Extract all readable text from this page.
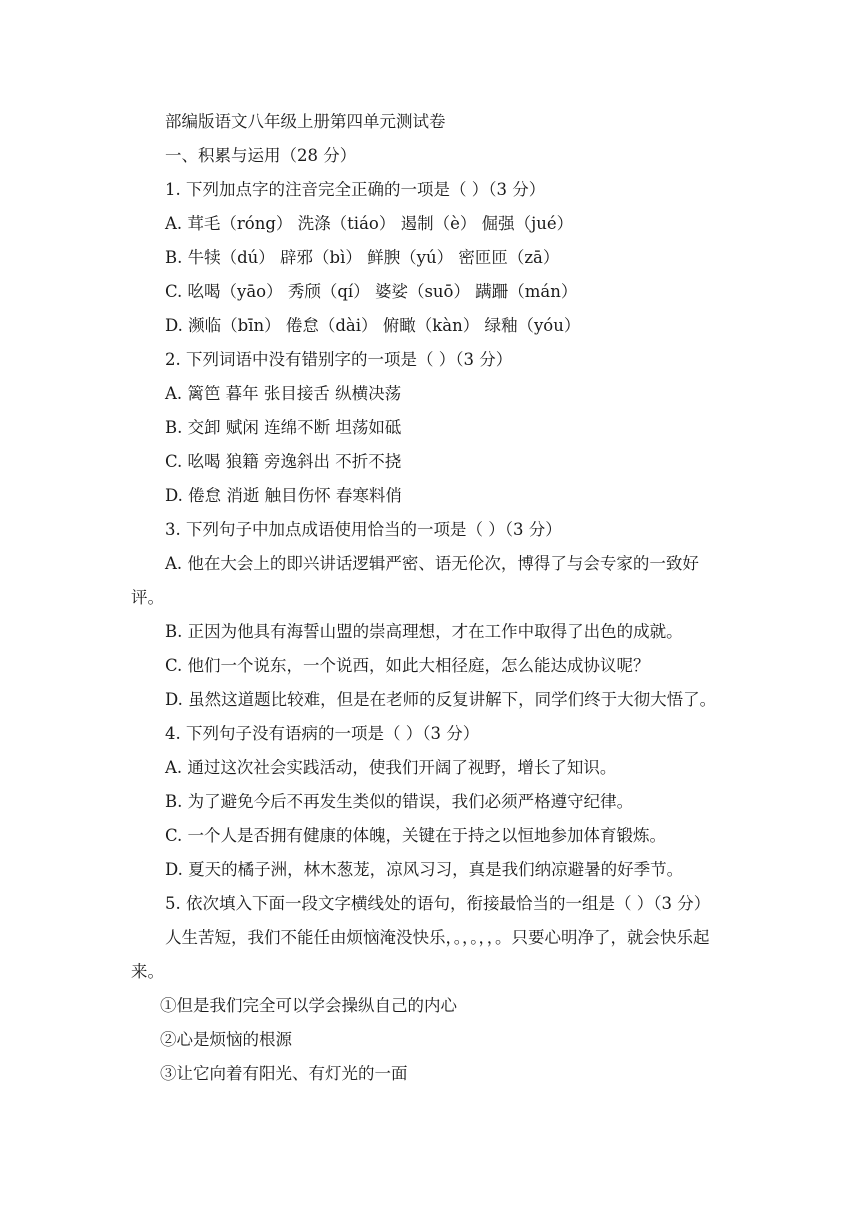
部编版语文八年级上册第四单元测试卷
一、积累与运用（28 分）
1. 下列加点字的注音完全正确的一项是（ ）（3 分）
A. 茸毛（róng） 洗涤（tiáo） 遏制（è） 倔强（jué）
B. 牛犊（dú） 辟邪（bì） 鲜腴（yú） 密匝匝（zā）
C. 吆喝（yāo） 秀颀（qí） 婆娑（suō） 蹒跚（mán）
D. 濒临（bīn） 倦怠（dài） 俯瞰（kàn） 绿釉（yóu）
2. 下列词语中没有错别字的一项是（ ）（3 分）
A. 篱笆 暮年 张目接舌 纵横决荡
B. 交卸 赋闲 连绵不断 坦荡如砥
C. 吆喝 狼籍 旁逸斜出 不折不挠
D. 倦怠 消逝 触目伤怀 春寒料俏
3. 下列句子中加点成语使用恰当的一项是（ ）（3 分）
A. 他在大会上的即兴讲话逻辑严密、语无伦次，博得了与会专家的一致好
评。
B. 正因为他具有海誓山盟的崇高理想，才在工作中取得了出色的成就。
C. 他们一个说东，一个说西，如此大相径庭，怎么能达成协议呢？
D. 虽然这道题比较难，但是在老师的反复讲解下，同学们终于大彻大悟了。
4. 下列句子没有语病的一项是（ ）（3 分）
A. 通过这次社会实践活动，使我们开阔了视野，增长了知识。
B. 为了避免今后不再发生类似的错误，我们必须严格遵守纪律。
C. 一个人是否拥有健康的体魄，关键在于持之以恒地参加体育锻炼。
D. 夏天的橘子洲，林木葱茏，凉风习习，真是我们纳凉避暑的好季节。
5. 依次填入下面一段文字横线处的语句，衔接最恰当的一组是（ ）（3 分）
人生苦短，我们不能任由烦恼淹没快乐，。，。，，。只要心明净了，就会快乐起
来。
①但是我们完全可以学会操纵自己的内心
②心是烦恼的根源
③让它向着有阳光、有灯光的一面
